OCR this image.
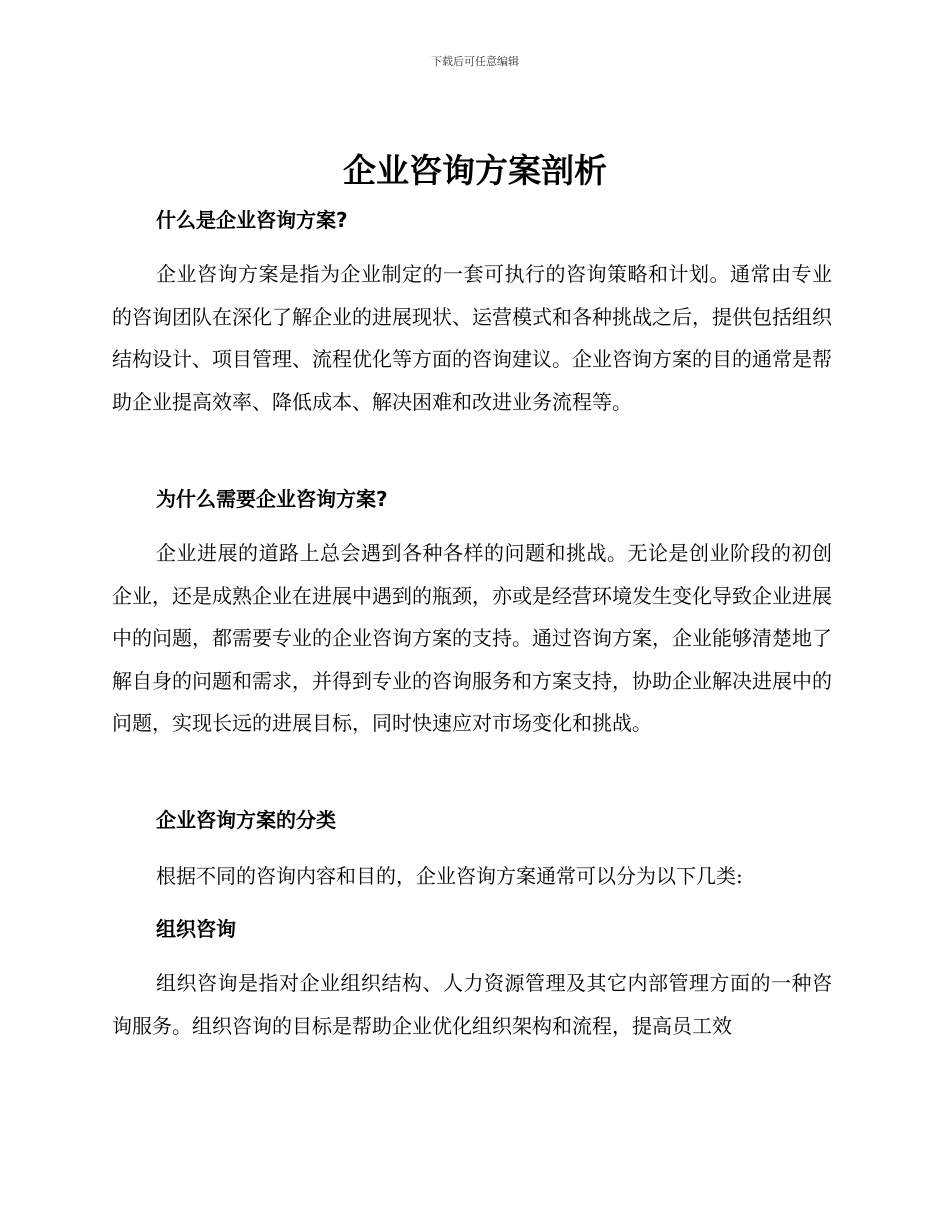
下载后可任意编辑
企业咨询方案剖析
什么是企业咨询方案?

企业咨询方案是指为企业制定的一套可执行的咨询策略和计划。通常由专业的咨询团队在深化了解企业的进展现状、运营模式和各种挑战之后，提供包括组织结构设计、项目管理、流程优化等方面的咨询建议。企业咨询方案的目的通常是帮助企业提高效率、降低成本、解决困难和改进业务流程等。

为什么需要企业咨询方案?

企业进展的道路上总会遇到各种各样的问题和挑战。无论是创业阶段的初创企业，还是成熟企业在进展中遇到的瓶颈，亦或是经营环境发生变化导致企业进展中的问题，都需要专业的企业咨询方案的支持。通过咨询方案，企业能够清楚地了解自身的问题和需求，并得到专业的咨询服务和方案支持，协助企业解决进展中的问题，实现长远的进展目标，同时快速应对市场变化和挑战。

企业咨询方案的分类

根据不同的咨询内容和目的，企业咨询方案通常可以分为以下几类:

组织咨询

组织咨询是指对企业组织结构、人力资源管理及其它内部管理方面的一种咨询服务。组织咨询的目标是帮助企业优化组织架构和流程，提高员工效
